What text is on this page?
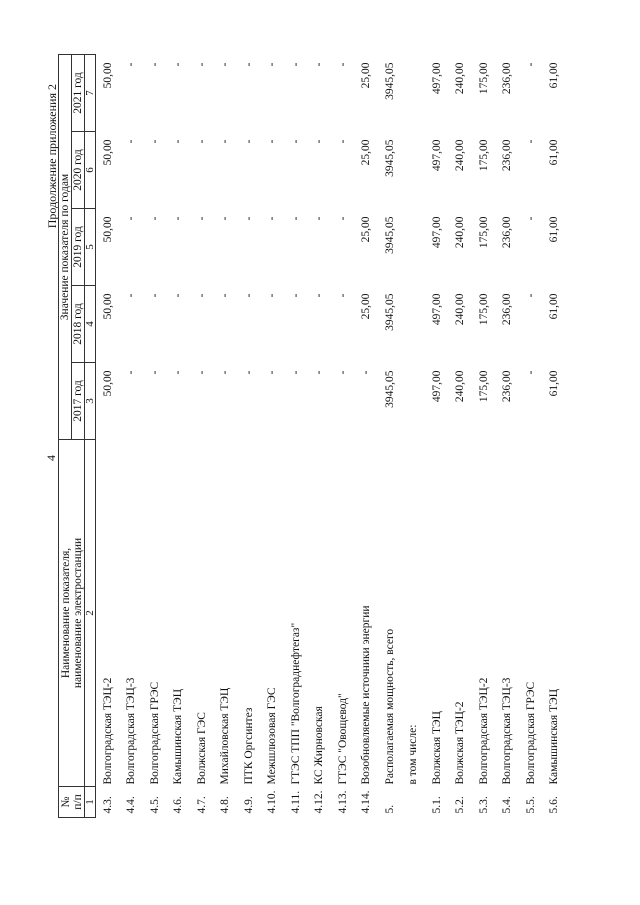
4
Продолжение приложения 2
№
п/п	Наименование показателя,
наименование электростанции	Значение показателя по годам				
		2017 год	2018 год	2019 год	2020 год	2021 год
1	2	3	4	5	6	7
4.3.	Волгоградская ТЭЦ-2	50,00	50,00	50,00	50,00	50,00
4.4.	Волгоградская ТЭЦ-3	-	-	-	-	-
4.5.	Волгоградская ГРЭС	-	-	-	-	-
4.6.	Камышинская ТЭЦ	-	-	-	-	-
4.7.	Волжская ГЭС	-	-	-	-	-
4.8.	Михайловская ТЭЦ	-	-	-	-	-
4.9.	ПТК Оргсинтез	-	-	-	-	-
4.10.	Межшлюзовая ГЭС	-	-	-	-	-
4.11.	ГТЭС ТПП "Волгограднефтегаз"	-	-	-	-	-
4.12.	КС Жирновская	-	-	-	-	-
4.13.	ГТЭС "Овощевод"	-	-	-	-	-
4.14.	Возобновляемые источники энергии	-	25,00	25,00	25,00	25,00
5.	Располагаемая мощность, всего	3945,05	3945,05	3945,05	3945,05	3945,05
	в том числе:					
5.1.	Волжская ТЭЦ	497,00	497,00	497,00	497,00	497,00
5.2.	Волжская ТЭЦ-2	240,00	240,00	240,00	240,00	240,00
5.3.	Волгоградская ТЭЦ-2	175,00	175,00	175,00	175,00	175,00
5.4.	Волгоградская ТЭЦ-3	236,00	236,00	236,00	236,00	236,00
5.5.	Волгоградская ГРЭС	-	-	-	-	-
5.6.	Камышинская ТЭЦ	61,00	61,00	61,00	61,00	61,00
